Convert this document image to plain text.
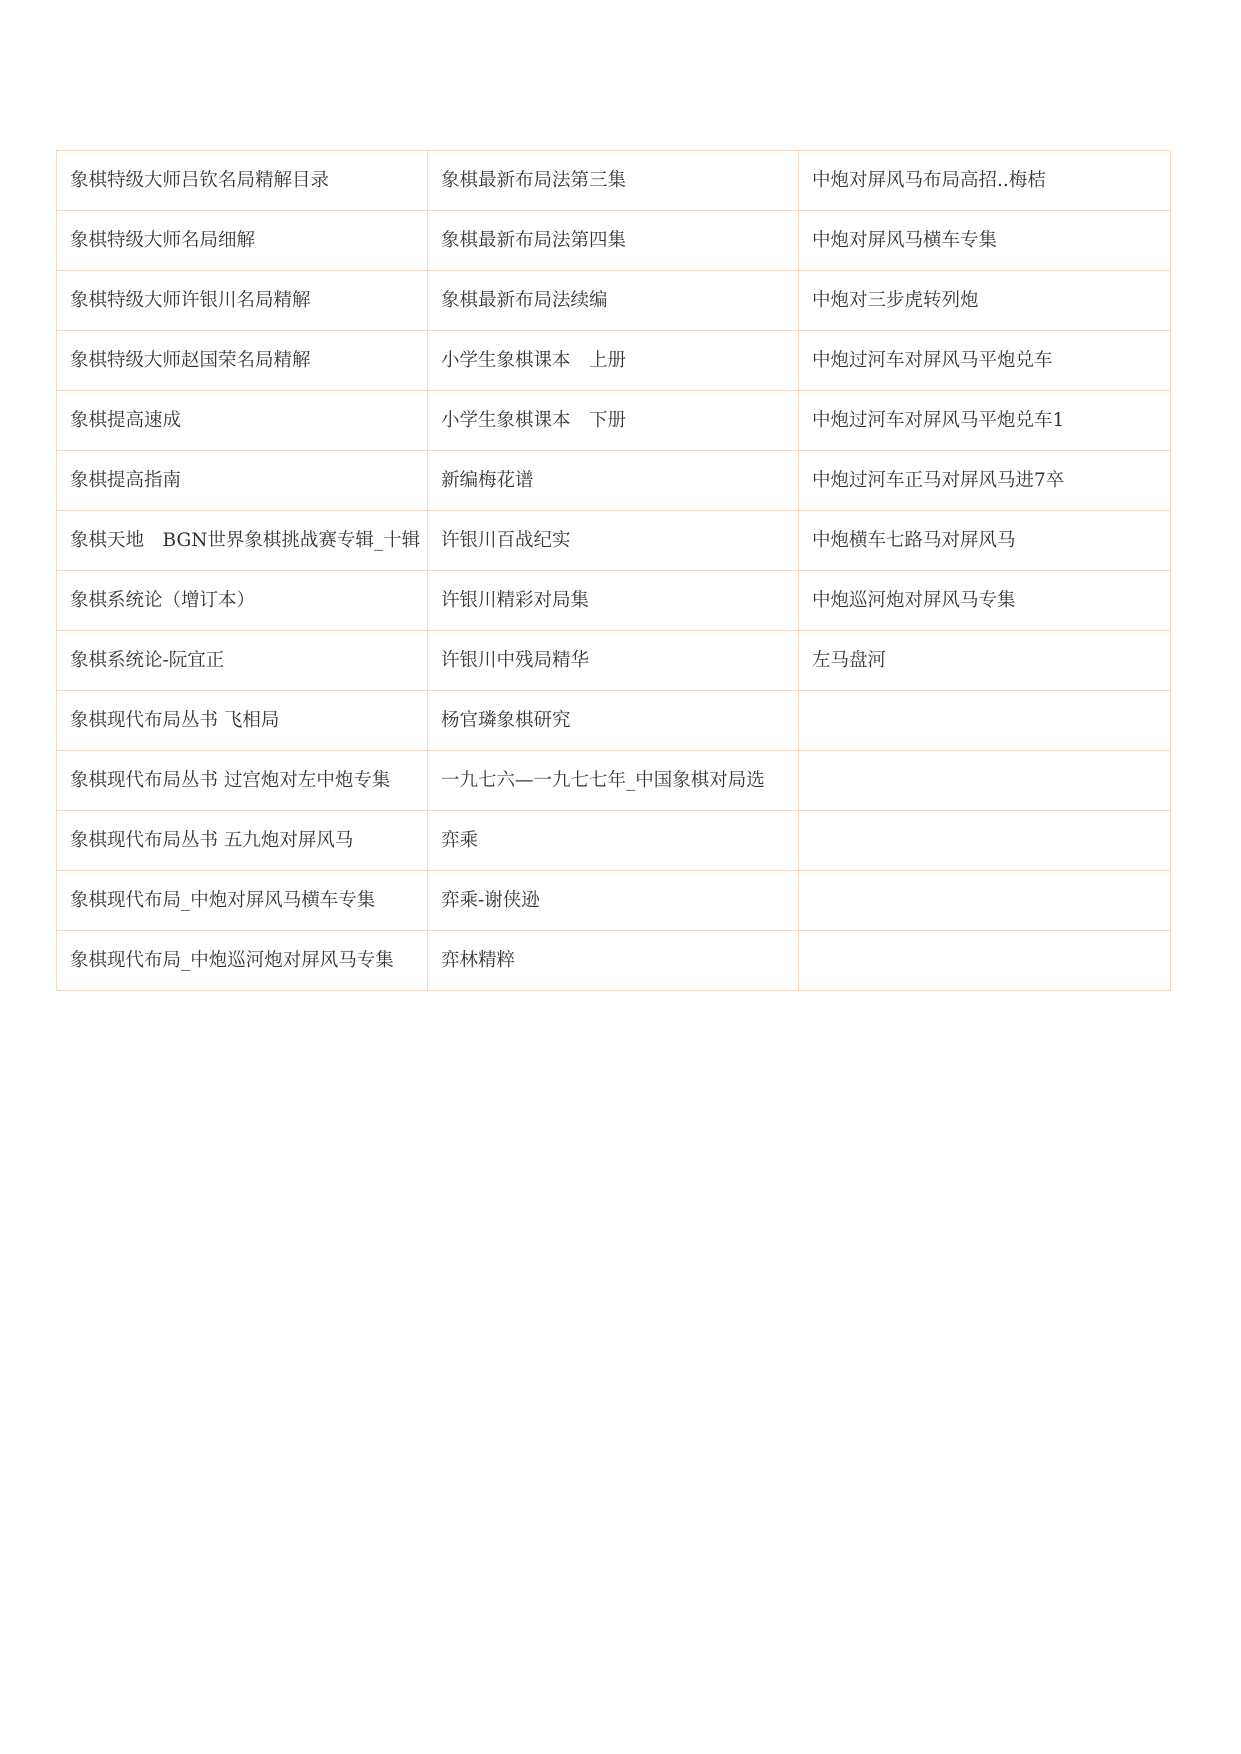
象棋特级大师吕钦名局精解目录	象棋最新布局法第三集	中炮对屏风马布局高招..梅桔
象棋特级大师名局细解	象棋最新布局法第四集	中炮对屏风马横车专集
象棋特级大师许银川名局精解	象棋最新布局法续编	中炮对三步虎转列炮
象棋特级大师赵国荣名局精解	小学生象棋课本　上册	中炮过河车对屏风马平炮兑车
象棋提高速成	小学生象棋课本　下册	中炮过河车对屏风马平炮兑车1
象棋提高指南	新编梅花谱	中炮过河车正马对屏风马进7卒
象棋天地　BGN世界象棋挑战赛专辑_十辑	许银川百战纪实	中炮横车七路马对屏风马
象棋系统论（增订本）	许银川精彩对局集	中炮巡河炮对屏风马专集
象棋系统论-阮宜正	许银川中残局精华	左马盘河
象棋现代布局丛书 飞相局	杨官璘象棋研究	
象棋现代布局丛书 过宫炮对左中炮专集	一九七六—一九七七年_中国象棋对局选	
象棋现代布局丛书 五九炮对屏风马	弈乘	
象棋现代布局_中炮对屏风马横车专集	弈乘-谢侠逊	
象棋现代布局_中炮巡河炮对屏风马专集	弈林精粹	
